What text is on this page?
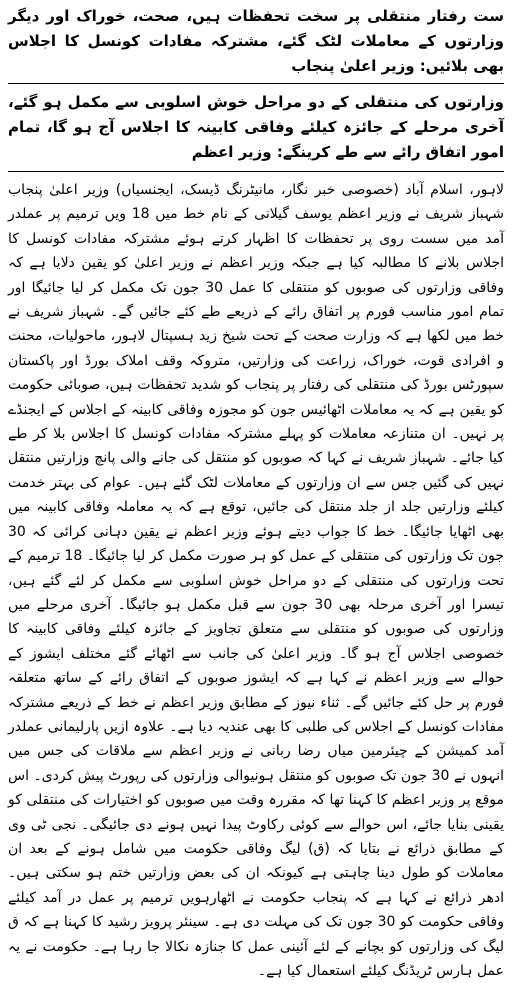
ست رفتار منتقلی پر سخت تحفظات ہیں، صحت، خوراک اور دیگر وزارتوں کے معاملات لٹک گئے، مشترکہ مفادات کونسل کا اجلاس بھی بلائیں: وزیر اعلیٰ پنجاب
وزارتوں کی منتقلی کے دو مراحل خوش اسلوبی سے مکمل ہو گئے، آخری مرحلے کے جائزہ کیلئے وفاقی کابینہ کا اجلاس آج ہو گا، تمام امور اتفاق رائے سے طے کرینگے: وزیر اعظم

لاہور، اسلام آباد (خصوصی خبر نگار، مانیٹرنگ ڈیسک، ایجنسیاں) وزیر اعلیٰ پنجاب شہباز شریف نے وزیر اعظم یوسف گیلانی کے نام خط میں 18 ویں ترمیم پر عملدر آمد میں سست روی پر تحفظات کا اظہار کرتے ہوئے مشترکہ مفادات کونسل کا اجلاس بلانے کا مطالبہ کیا ہے جبکہ وزیر اعظم نے وزیر اعلیٰ کو یقین دلایا ہے کہ وفاقی وزارتوں کی صوبوں کو منتقلی کا عمل 30 جون تک مکمل کر لیا جائیگا اور تمام امور مناسب فورم پر اتفاق رائے کے ذریعے طے کئے جائیں گے۔ شہباز شریف نے خط میں لکھا ہے کہ وزارت صحت کے تحت شیخ زید ہسپتال لاہور، ماحولیات، محنت و افرادی قوت، خوراک، زراعت کی وزارتیں، متروکہ وقف املاک بورڈ اور پاکستان سپورٹس بورڈ کی منتقلی کی رفتار پر پنجاب کو شدید تحفظات ہیں، صوبائی حکومت کو یقین ہے کہ یہ معاملات اٹھائیس جون کو مجوزہ وفاقی کابینہ کے اجلاس کے ایجنڈے پر نہیں۔ ان متنازعہ معاملات کو پہلے مشترکہ مفادات کونسل کا اجلاس بلا کر طے کیا جائے۔ شہباز شریف نے کہا کہ صوبوں کو منتقل کی جانے والی پانچ وزارتیں منتقل نہیں کی گئیں جس سے ان وزارتوں کے معاملات لٹک گئے ہیں۔ عوام کی بہتر خدمت کیلئے وزارتیں جلد از جلد منتقل کی جائیں، توقع ہے کہ یہ معاملہ وفاقی کابینہ میں بھی اٹھایا جائیگا۔ خط کا جواب دیتے ہوئے وزیر اعظم نے یقین دہانی کرائی کہ 30 جون تک وزارتوں کی منتقلی کے عمل کو ہر صورت مکمل کر لیا جائیگا۔ 18 ترمیم کے تحت وزارتوں کی منتقلی کے دو مراحل خوش اسلوبی سے مکمل کر لئے گئے ہیں، تیسرا اور آخری مرحلہ بھی 30 جون سے قبل مکمل ہو جائیگا۔ آخری مرحلے میں وزارتوں کی صوبوں کو منتقلی سے متعلق تجاویز کے جائزہ کیلئے وفاقی کابینہ کا خصوصی اجلاس آج ہو گا۔ وزیر اعلیٰ کی جانب سے اٹھائے گئے مختلف ایشوز کے حوالے سے وزیر اعظم نے کہا ہے کہ ایشوز صوبوں کے اتفاق رائے کے ساتھ متعلقہ فورم پر حل کئے جائیں گے۔ ثناء نیوز کے مطابق وزیر اعظم نے خط کے ذریعے مشترکہ مفادات کونسل کے اجلاس کی طلبی کا بھی عندیہ دیا ہے۔ علاوہ ازیں پارلیمانی عملدر آمد کمیشن کے چیئرمین میاں رضا ربانی نے وزیر اعظم سے ملاقات کی جس میں انہوں نے 30 جون تک صوبوں کو منتقل ہونیوالی وزارتوں کی رپورٹ پیش کردی۔ اس موقع پر وزیر اعظم کا کہنا تھا کہ مقررہ وقت میں صوبوں کو اختیارات کی منتقلی کو یقینی بنایا جائے، اس حوالے سے کوئی رکاوٹ پیدا نہیں ہونے دی جائیگی۔ نجی ٹی وی کے مطابق ذرائع نے بتایا کہ (ق) لیگ وفاقی حکومت میں شامل ہونے کے بعد ان معاملات کو طول دینا چاہتی ہے کیونکہ ان کی بعض وزارتیں ختم ہو سکتی ہیں۔ ادھر ذرائع نے کہا ہے کہ پنجاب حکومت نے اٹھارہویں ترمیم پر عمل در آمد کیلئے وفاقی حکومت کو 30 جون تک کی مہلت دی ہے۔ سینئر پرویز رشید کا کہنا ہے کہ ق لیگ کی وزارتوں کو بچانے کے لئے آئینی عمل کا جنازہ نکالا جا رہا ہے۔ حکومت نے یہ عمل ہارس ٹریڈنگ کیلئے استعمال کیا ہے۔
